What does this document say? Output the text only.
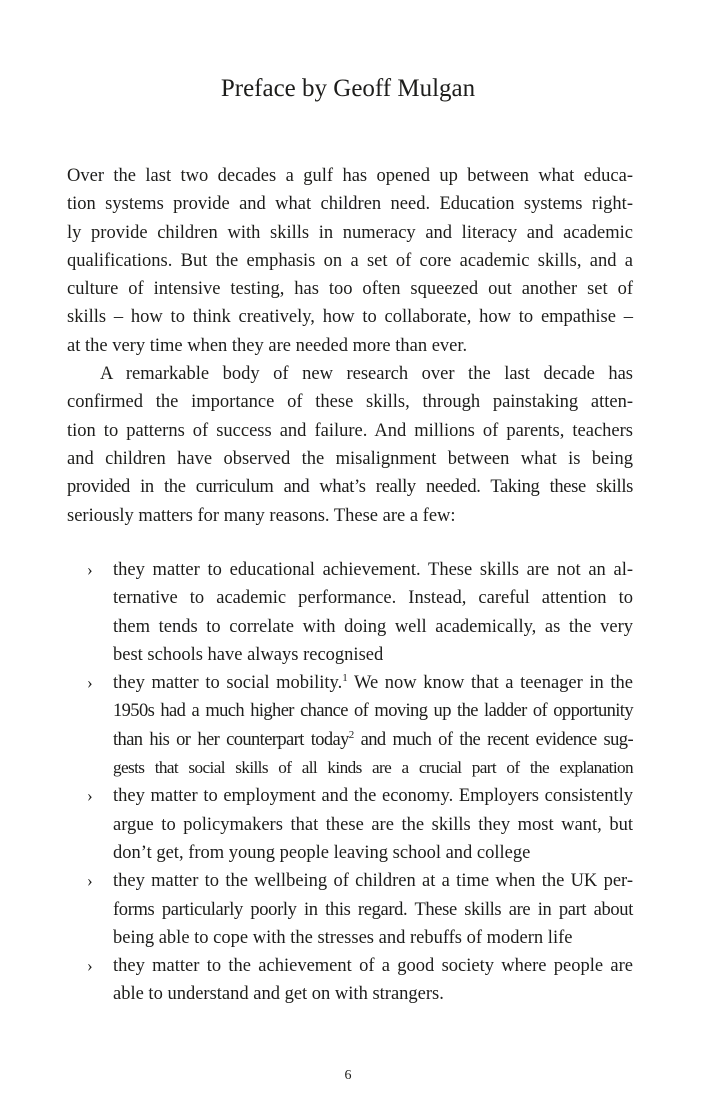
Preface by Geoff Mulgan
Over the last two decades a gulf has opened up between what educa-
tion systems provide and what children need. Education systems right-
ly provide children with skills in numeracy and literacy and academic
qualifications. But the emphasis on a set of core academic skills, and a
culture of intensive testing, has too often squeezed out another set of
skills – how to think creatively, how to collaborate, how to empathise –
at the very time when they are needed more than ever.
A remarkable body of new research over the last decade has
confirmed the importance of these skills, through painstaking atten-
tion to patterns of success and failure. And millions of parents, teachers
and children have observed the misalignment between what is being
provided in the curriculum and what’s really needed. Taking these skills
seriously matters for many reasons. These are a few:
› they matter to educational achievement. These skills are not an al-
ternative to academic performance. Instead, careful attention to
them tends to correlate with doing well academically, as the very
best schools have always recognised
› they matter to social mobility.$^1$ We now know that a teenager in the
1950s had a much higher chance of moving up the ladder of opportunity
than his or her counterpart today$^2$ and much of the recent evidence sug-
gests that social skills of all kinds are a crucial part of the explanation
› they matter to employment and the economy. Employers consistently
argue to policymakers that these are the skills they most want, but
don’t get, from young people leaving school and college
› they matter to the wellbeing of children at a time when the UK per-
forms particularly poorly in this regard. These skills are in part about
being able to cope with the stresses and rebuffs of modern life
› they matter to the achievement of a good society where people are
able to understand and get on with strangers.
6
